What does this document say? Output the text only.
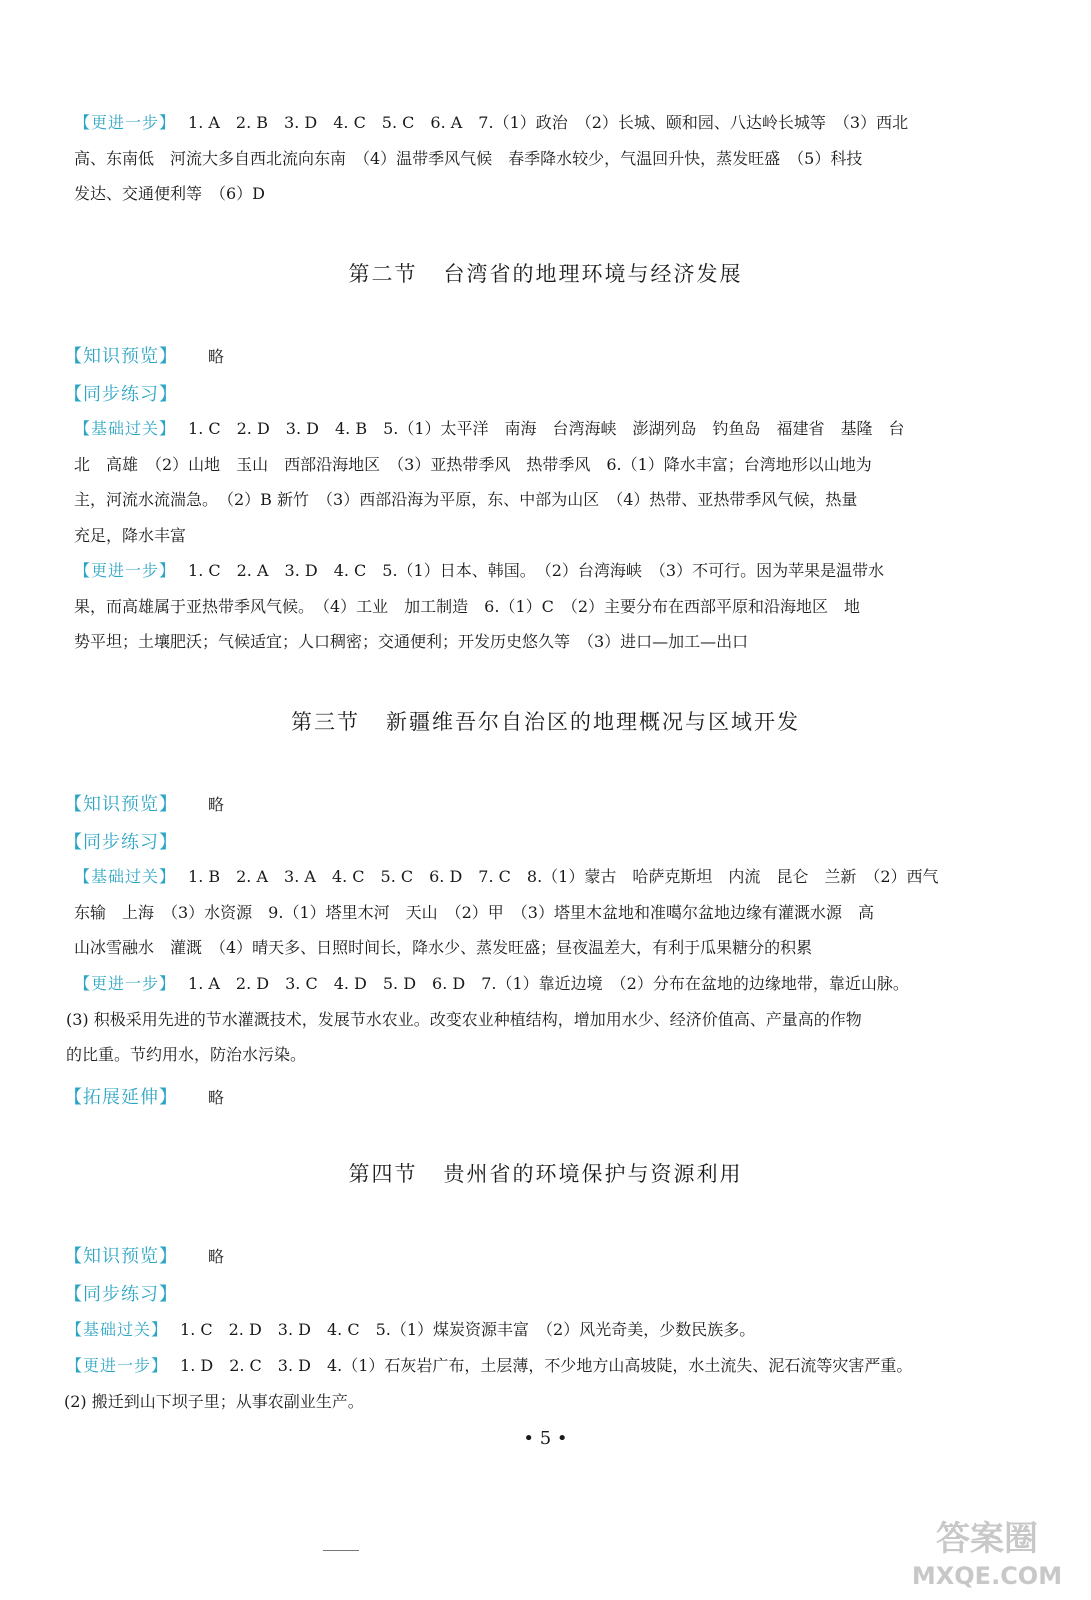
【更进一步】 1. A　2. B　3. D　4. C　5. C　6. A　7.（1）政治　（2）长城、颐和园、八达岭长城等　（3）西北
高、东南低　河流大多自西北流向东南　（4）温带季风气候　春季降水较少，气温回升快，蒸发旺盛　（5）科技
发达、交通便利等　（6）D
第二节 台湾省的地理环境与经济发展
【知识预览】 略
【同步练习】
【基础过关】 1. C　2. D　3. D　4. B　5.（1）太平洋　南海　台湾海峡　澎湖列岛　钓鱼岛　福建省　基隆　台
北　高雄　（2）山地　玉山　西部沿海地区　（3）亚热带季风　热带季风　6.（1）降水丰富；台湾地形以山地为
主，河流水流湍急。　（2）B 新竹　（3）西部沿海为平原，东、中部为山区　（4）热带、亚热带季风气候，热量
充足，降水丰富
【更进一步】 1. C　2. A　3. D　4. C　5.（1）日本、韩国。　（2）台湾海峡　（3）不可行。因为苹果是温带水
果，而高雄属于亚热带季风气候。　（4）工业　加工制造　6.（1）C　（2）主要分布在西部平原和沿海地区　地
势平坦；土壤肥沃；气候适宜；人口稠密；交通便利；开发历史悠久等　（3）进口—加工—出口
第三节 新疆维吾尔自治区的地理概况与区域开发
【知识预览】 略
【同步练习】
【基础过关】 1. B　2. A　3. A　4. C　5. C　6. D　7. C　8.（1）蒙古　哈萨克斯坦　内流　昆仑　兰新　（2）西气
东输　上海　（3）水资源　9.（1）塔里木河　天山　（2）甲　（3）塔里木盆地和准噶尔盆地边缘有灌溉水源　高
山冰雪融水　灌溉　（4）晴天多、日照时间长，降水少、蒸发旺盛；昼夜温差大，有利于瓜果糖分的积累
【更进一步】 1. A　2. D　3. C　4. D　5. D　6. D　7.（1）靠近边境　（2）分布在盆地的边缘地带，靠近山脉。
(3) 积极采用先进的节水灌溉技术，发展节水农业。改变农业种植结构，增加用水少、经济价值高、产量高的作物
的比重。节约用水，防治水污染。
【拓展延伸】 略
第四节 贵州省的环境保护与资源利用
【知识预览】 略
【同步练习】
【基础过关】 1. C　2. D　3. D　4. C　5.（1）煤炭资源丰富　（2）风光奇美，少数民族多。
【更进一步】 1. D　2. C　3. D　4.（1）石灰岩广布，土层薄，不少地方山高坡陡，水土流失、泥石流等灾害严重。
(2) 搬迁到山下坝子里；从事农副业生产。
• 5 •
答案圈
MXQE.COM
